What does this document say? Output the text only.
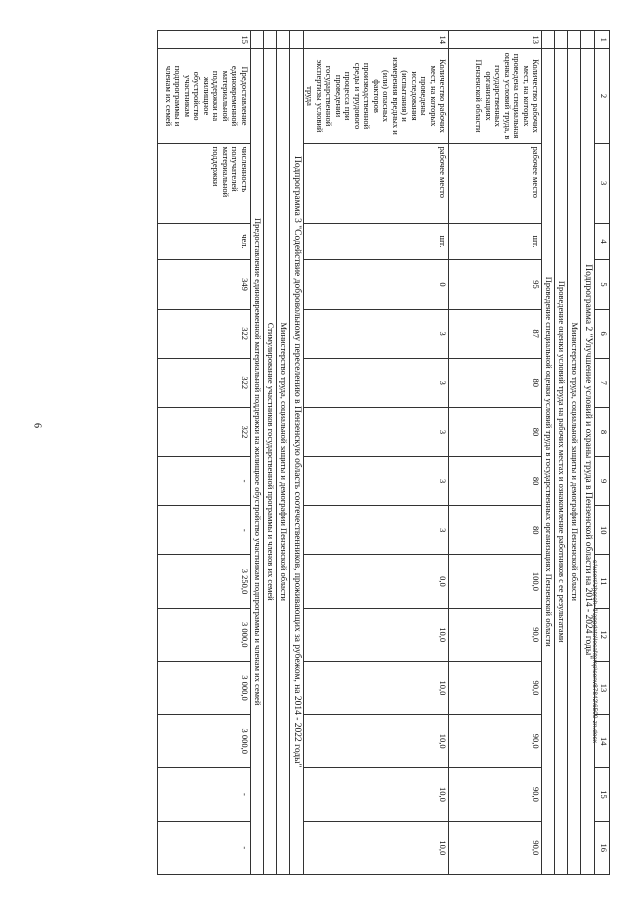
6
1	2	3	4	5	6	7	8	9	10	11	12	13	14	15	16
	Подпрограмма 2 "Улучшение условий и охраны труда в Пензенской области на 2014 - 2024 годы"														
	Министерство труда, социальной защиты и демографии Пензенской области														
	Проведение оценки условий труда на рабочих местах и ознакомление работников с ее результатами														
	Проведение специальной оценки условий труда в государственных организациях Пензенской области														
13	Количество рабочих мест, на которых проведена специальная оценка условий труда, в государственных организациях Пензенской области	рабочее место	шт.	95	87	80	80	80	80	100,0	90,0	90,0	90,0	90,0	90,0
14	Количество рабочих мест, на которых проведены исследования (испытания) и измерения вредных и (или) опасных факторов производственной среды и трудового процесса при проведении государственной экспертизы условий труда	рабочее место	шт.	0	3	3	3	3	3	0,0	10,0	10,0	10,0	10,0	10,0
	Подпрограмма 3 "Содействие добровольному переселению в Пензенскую область соотечественников, проживающих за рубежом, на 2014 - 2022 годы"														
	Министерство труда, социальной защиты и демографии Пензенской области														
	Стимулирование участников государственной программы и членов их семей														
	Предоставление единовременной материальной поддержки на жилищное обустройство участникам подпрограммы и членам их семей														
15	Предоставление единовременной материальной поддержки на жилищное обустройство участникам подпрограммы и членам их семей	численность получателей материальной поддержки	чел.	349	322	322	322	-	-	3 250,0	3 000,0	3 000,0	3 000,0	-	-
c:\users\zhoreh~1\appdata\local\temp\conv87842\6509-zn.docx
